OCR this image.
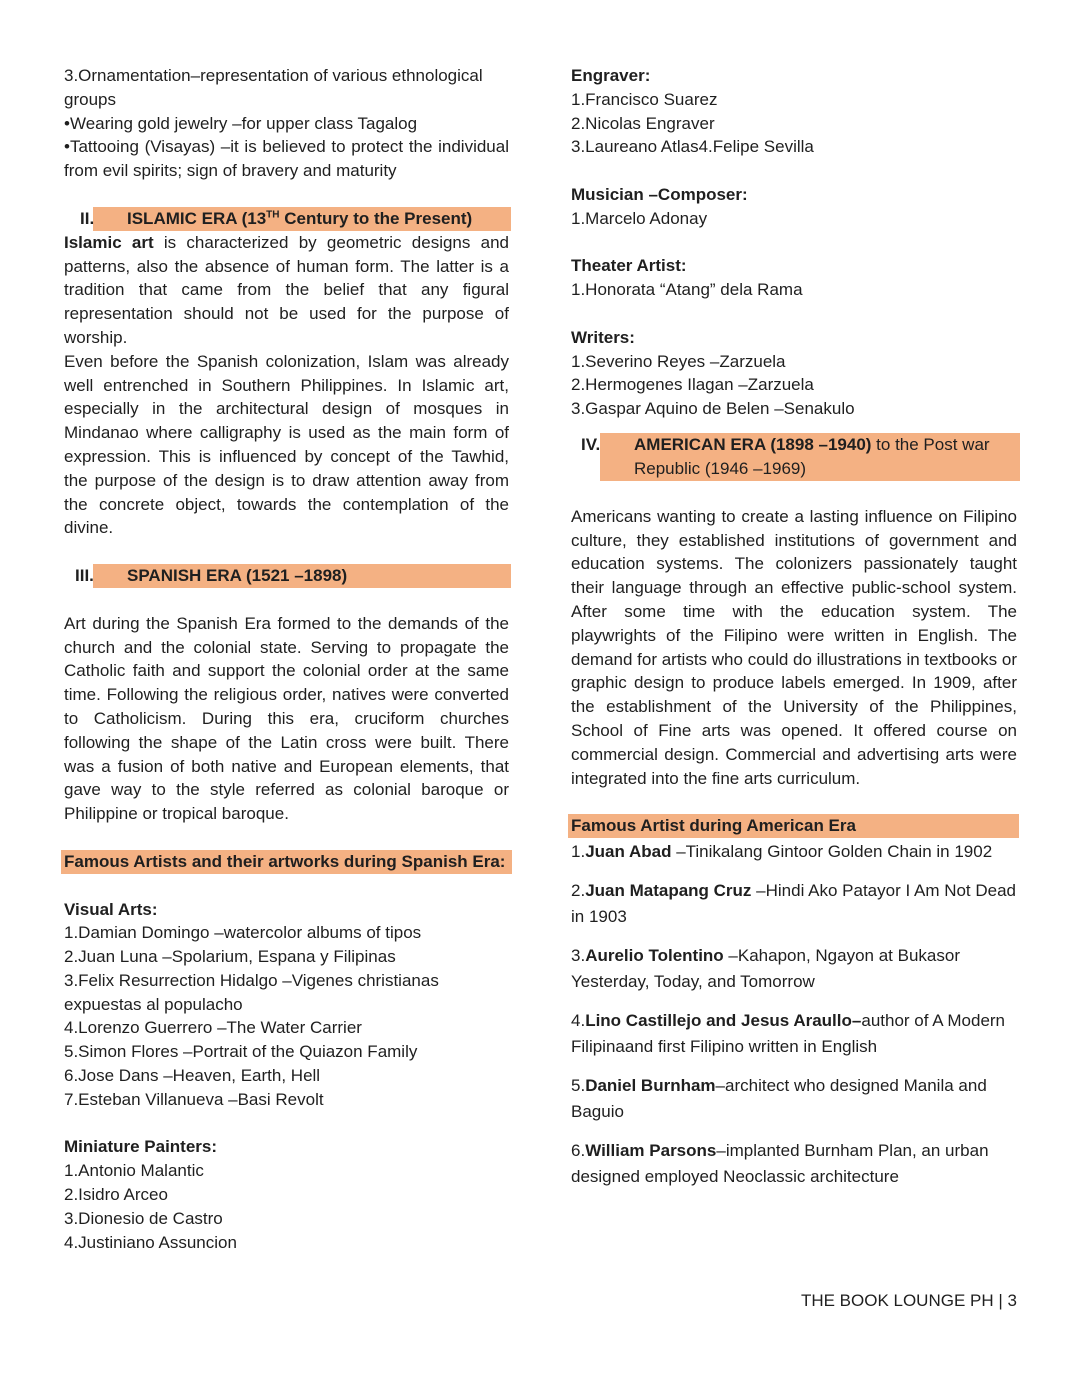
3.Ornamentation–representation of various ethnological groups

•Wearing gold jewelry –for upper class Tagalog

•Tattooing (Visayas) –it is believed to protect the individual from evil spirits; sign of bravery and maturity

II. ISLAMIC ERA (13TH Century to the Present)

Islamic art is characterized by geometric designs and patterns, also the absence of human form. The latter is a tradition that came from the belief that any figural representation should not be used for the purpose of worship.

Even before the Spanish colonization, Islam was already well entrenched in Southern Philippines. In Islamic art, especially in the architectural design of mosques in Mindanao where calligraphy is used as the main form of expression. This is influenced by concept of the Tawhid, the purpose of the design is to draw attention away from the concrete object, towards the contemplation of the divine.

III. SPANISH ERA (1521 –1898)

Art during the Spanish Era formed to the demands of the church and the colonial state. Serving to propagate the Catholic faith and support the colonial order at the same time. Following the religious order, natives were converted to Catholicism. During this era, cruciform churches following the shape of the Latin cross were built. There was a fusion of both native and European elements, that gave way to the style referred as colonial baroque or Philippine or tropical baroque.

Famous Artists and their artworks during Spanish Era:

Visual Arts:

1.Damian Domingo –watercolor albums of tipos

2.Juan Luna –Spolarium, Espana y Filipinas

3.Felix Resurrection Hidalgo –Vigenes christianas expuestas al populacho

4.Lorenzo Guerrero –The Water Carrier

5.Simon Flores –Portrait of the Quiazon Family

6.Jose Dans –Heaven, Earth, Hell

7.Esteban Villanueva –Basi Revolt

Miniature Painters:

1.Antonio Malantic

2.Isidro Arceo

3.Dionesio de Castro

4.Justiniano Assuncion

Engraver:

1.Francisco Suarez

2.Nicolas Engraver

3.Laureano Atlas4.Felipe Sevilla

Musician –Composer:

1.Marcelo Adonay

Theater Artist:

1.Honorata “Atang” dela Rama

Writers:

1.Severino Reyes –Zarzuela

2.Hermogenes Ilagan –Zarzuela

3.Gaspar Aquino de Belen –Senakulo

IV. AMERICAN ERA (1898 –1940) to the Post war Republic (1946 –1969)

Americans wanting to create a lasting influence on Filipino culture, they established institutions of government and education systems. The colonizers passionately taught their language through an effective public-school system. After some time with the education system. The playwrights of the Filipino were written in English. The demand for artists who could do illustrations in textbooks or graphic design to produce labels emerged. In 1909, after the establishment of the University of the Philippines, School of Fine arts was opened. It offered course on commercial design. Commercial and advertising arts were integrated into the fine arts curriculum.

Famous Artist during American Era

1.Juan Abad –Tinikalang Gintoor Golden Chain in 1902

2.Juan Matapang Cruz –Hindi Ako Patayor I Am Not Dead in 1903

3.Aurelio Tolentino –Kahapon, Ngayon at Bukasor Yesterday, Today, and Tomorrow

4.Lino Castillejo and Jesus Araullo–author of A Modern Filipinaand first Filipino written in English

5.Daniel Burnham–architect who designed Manila and Baguio

6.William Parsons–implanted Burnham Plan, an urban designed employed Neoclassic architecture

THE BOOK LOUNGE PH | 3
